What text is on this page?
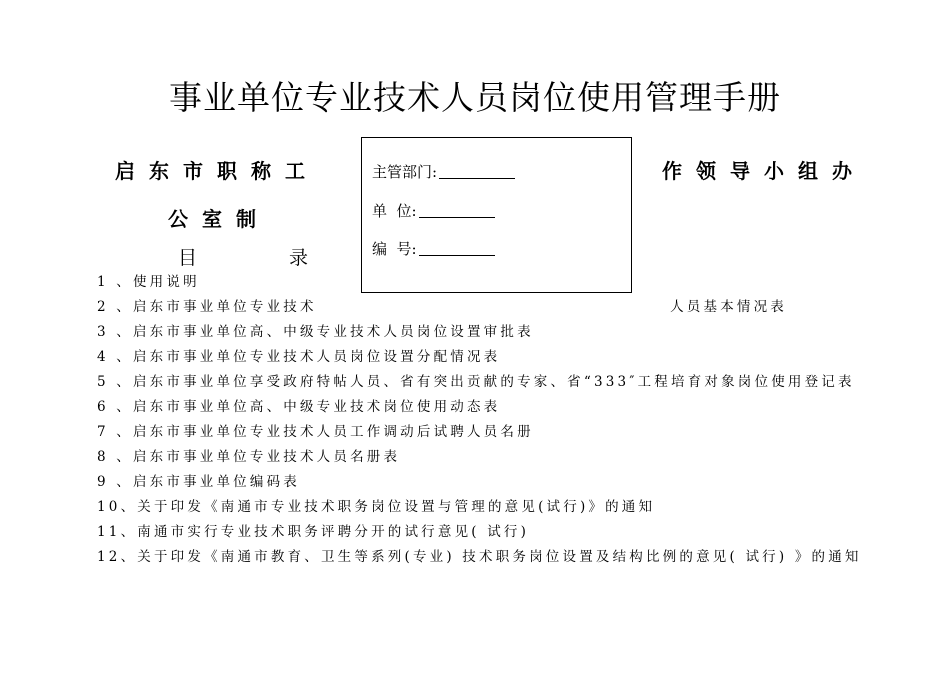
事业单位专业技术人员岗位使用管理手册
启东市职称工
公室制
作领导小组办
主管部门:
单  位:
编  号:
目	录
1 、使用说明
2 、启东市事业单位专业技术	人员基本情况表
3 、启东市事业单位高、中级专业技术人员岗位设置审批表
4 、启东市事业单位专业技术人员岗位设置分配情况表
5 、启东市事业单位享受政府特帖人员、省有突出贡献的专家、省“333″工程培育对象岗位使用登记表
6 、启东市事业单位高、中级专业技术岗位使用动态表
7 、启东市事业单位专业技术人员工作调动后试聘人员名册
8 、启东市事业单位专业技术人员名册表
9 、启东市事业单位编码表
10、关于印发《南通市专业技术职务岗位设置与管理的意见(试行)》的通知
11、南通市实行专业技术职务评聘分开的试行意见( 试行)
12、关于印发《南通市教育、卫生等系列(专业) 技术职务岗位设置及结构比例的意见( 试行) 》的通知
